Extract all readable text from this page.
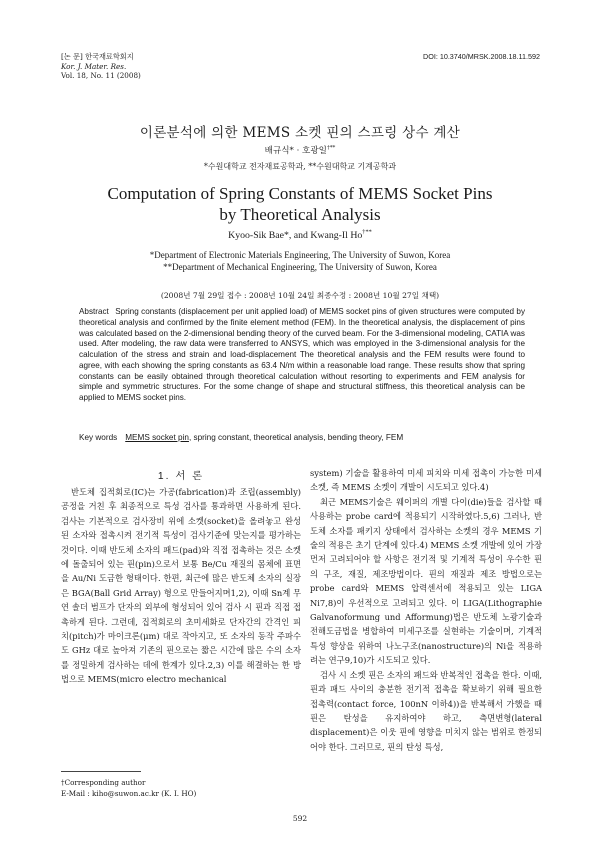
[논 문] 한국재료학회지
Kor. J. Mater. Res.
Vol. 18, No. 11 (2008)
DOI: 10.3740/MRSK.2008.18.11.592
이론분석에 의한 MEMS 소켓 핀의 스프링 상수 계산
배규식* · 호광일†**
*수원대학교 전자재료공학과, **수원대학교 기계공학과
Computation of Spring Constants of MEMS Socket Pins
by Theoretical Analysis
Kyoo-Sik Bae*, and Kwang-Il Ho†**
*Department of Electronic Materials Engineering, The University of Suwon, Korea
**Department of Mechanical Engineering, The University of Suwon, Korea
(2008년 7월 29일 접수 : 2008년 10월 24일 최종수정 : 2008년 10월 27일 채택)
Abstract Spring constants (displacement per unit applied load) of MEMS socket pins of given structures were computed by theoretical analysis and confirmed by the finite element method (FEM). In the theoretical analysis, the displacement of pins was calculated based on the 2-dimensional bending theory of the curved beam. For the 3-dimensional modeling, CATIA was used. After modeling, the raw data were transferred to ANSYS, which was employed in the 3-dimensional analysis for the calculation of the stress and strain and load-displacement The theoretical analysis and the FEM results were found to agree, with each showing the spring constants as 63.4 N/m within a reasonable load range. These results show that spring constants can be easily obtained through theoretical calculation without resorting to experiments and FEM analysis for simple and symmetric structures. For the some change of shape and structural stiffness, this theoretical analysis can be applied to MEMS socket pins.
Key words MEMS socket pin, spring constant, theoretical analysis, bending theory, FEM
1. 서 론

반도체 집적회로(IC)는 가공(fabrication)과 조립(assembly) 공정을 거친 후 최종적으로 특성 검사를 통과하면 사용하게 된다. 검사는 기본적으로 검사장비 위에 소켓(socket)을 올려놓고 완성된 소자와 접촉시켜 전기적 특성이 검사기준에 맞는지를 평가하는 것이다. 이때 반도체 소자의 패드(pad)와 직접 접촉하는 것은 소켓에 돌출되어 있는 핀(pin)으로서 보통 Be/Cu 재질의 몸체에 표면을 Au/Ni 도금한 형태이다. 한편, 최근에 많은 반도체 소자의 실장은 BGA(Ball Grid Array) 형으로 만들어지며1,2), 이때 Sn계 무연 솔더 범프가 단자의 외부에 형성되어 있어 검사 시 핀과 직접 접촉하게 된다. 그런데, 집적회로의 초미세화로 단자간의 간격인 피치(pitch)가 마이크론(μm) 대로 작아지고, 또 소자의 동작 주파수도 GHz 대로 높아져 기존의 핀으로는 짧은 시간에 많은 수의 소자를 정밀하게 검사하는 데에 한계가 있다.2,3) 이를 해결하는 한 방법으로 MEMS(micro electro mechanical

system) 기술을 활용하여 미세 피치와 미세 접촉이 가능한 미세 소켓, 즉 MEMS 소켓이 개발이 시도되고 있다.4)

최근 MEMS기술은 웨이퍼의 개별 다이(die)들을 검사할 때 사용하는 probe card에 적용되기 시작하였다.5,6) 그러나, 반도체 소자를 패키지 상태에서 검사하는 소켓의 경우 MEMS 기술의 적용은 초기 단계에 있다.4) MEMS 소켓 개발에 있어 가장 먼저 고려되어야 할 사항은 전기적 및 기계적 특성이 우수한 핀의 구조, 재질, 제조방법이다. 핀의 재질과 제조 방법으로는 probe card와 MEMS 압력센서에 적용되고 있는 LIGA Ni7,8)이 우선적으로 고려되고 있다. 이 LIGA(Lithographie Galvanoformung und Afformung)법은 반도체 노광기술과 전해도금법을 병합하여 미세구조를 실현하는 기술이며, 기계적 특성 향상을 위하여 나노구조(nanostructure)의 Ni을 적용하려는 연구9,10)가 시도되고 있다.

검사 시 소켓 핀은 소자의 패드와 반복적인 접촉을 한다. 이때, 핀과 패드 사이의 충분한 전기적 접촉을 확보하기 위해 필요한 접촉력(contact force, 100nN 이하4))을 반복해서 가했을 때 핀은 탄성을 유지하여야 하고, 측면변형(lateral displacement)은 이웃 핀에 영향을 미치지 않는 범위로 한정되어야 한다. 그러므로, 핀의 탄성 특성,

†Corresponding author
E-Mail : kiho@suwon.ac.kr (K. I. HO)
592
